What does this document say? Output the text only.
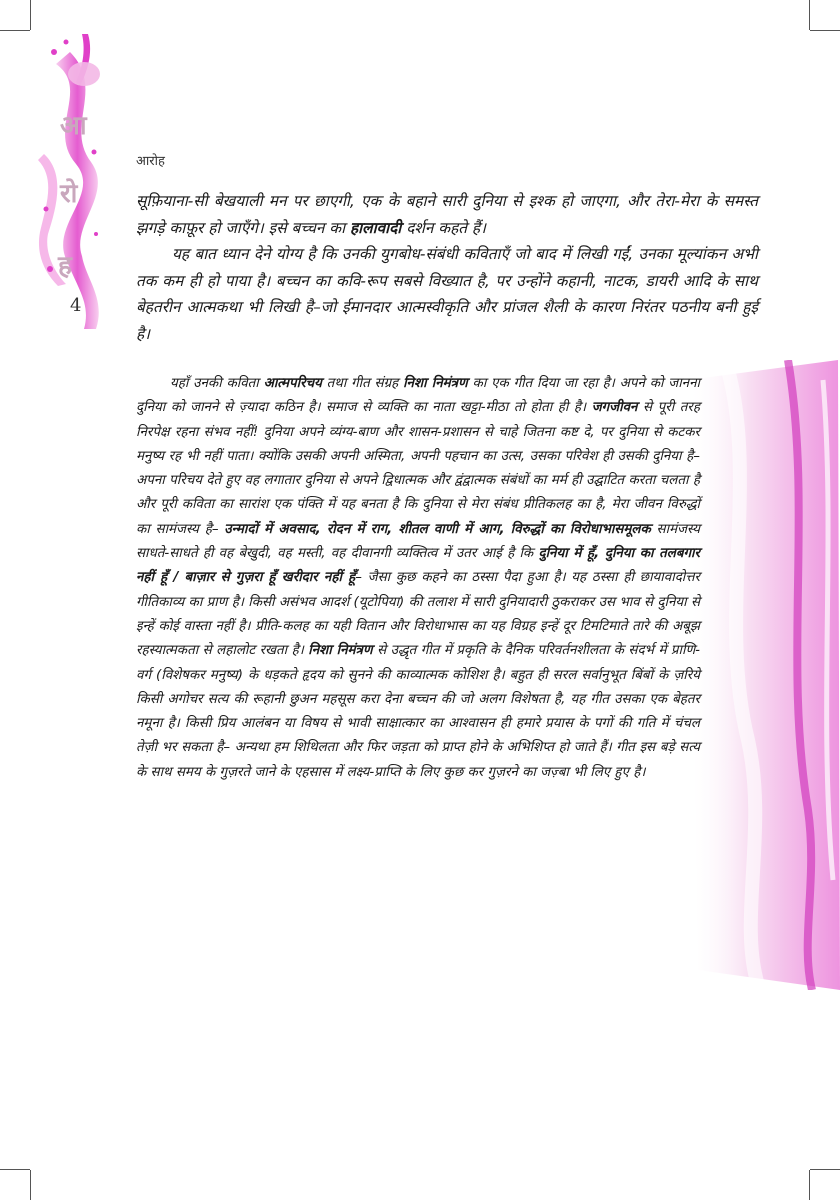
आ
रो
ह
4
आरोह

सूफ़ियाना-सी बेखयाली मन पर छाएगी, एक के बहाने सारी दुनिया से इश्क हो जाएगा, और तेरा-मेरा के समस्त झगड़े काफ़ूर हो जाएँगे। इसे बच्चन का हालावादी दर्शन कहते हैं।

यह बात ध्यान देने योग्य है कि उनकी युगबोध-संबंधी कविताएँ जो बाद में लिखी गईं, उनका मूल्यांकन अभी तक कम ही हो पाया है। बच्चन का कवि-रूप सबसे विख्यात है, पर उन्होंने कहानी, नाटक, डायरी आदि के साथ बेहतरीन आत्मकथा भी लिखी है–जो ईमानदार आत्मस्वीकृति और प्रांजल शैली के कारण निरंतर पठनीय बनी हुई है।

यहाँ उनकी कविता आत्मपरिचय तथा गीत संग्रह निशा निमंत्रण का एक गीत दिया जा रहा है। अपने को जानना दुनिया को जानने से ज़्यादा कठिन है। समाज से व्यक्ति का नाता खट्टा-मीठा तो होता ही है। जगजीवन से पूरी तरह निरपेक्ष रहना संभव नहीं! दुनिया अपने व्यंग्य-बाण और शासन-प्रशासन से चाहे जितना कष्ट दे, पर दुनिया से कटकर मनुष्य रह भी नहीं पाता। क्योंकि उसकी अपनी अस्मिता, अपनी पहचान का उत्स, उसका परिवेश ही उसकी दुनिया है– अपना परिचय देते हुए वह लगातार दुनिया से अपने द्विधात्मक और द्वंद्वात्मक संबंधों का मर्म ही उद्घाटित करता चलता है और पूरी कविता का सारांश एक पंक्ति में यह बनता है कि दुनिया से मेरा संबंध प्रीतिकलह का है, मेरा जीवन विरुद्धों का सामंजस्य है– उन्मादों में अवसाद, रोदन में राग, शीतल वाणी में आग, विरुद्धों का विरोधाभासमूलक सामंजस्य साधते-साधते ही वह बेखुदी, वह मस्ती, वह दीवानगी व्यक्तित्व में उतर आई है कि दुनिया में हूँ, दुनिया का तलबगार नहीं हूँ / बाज़ार से गुज़रा हूँ खरीदार नहीं हूँ– जैसा कुछ कहने का ठस्सा पैदा हुआ है। यह ठस्सा ही छायावादोत्तर गीतिकाव्य का प्राण है। किसी असंभव आदर्श (यूटोपिया) की तलाश में सारी दुनियादारी ठुकराकर उस भाव से दुनिया से इन्हें कोई वास्ता नहीं है। प्रीति-कलह का यही वितान और विरोधाभास का यह विग्रह इन्हें दूर टिमटिमाते तारे की अबूझ रहस्यात्मकता से लहालोट रखता है। निशा निमंत्रण से उद्धृत गीत में प्रकृति के दैनिक परिवर्तनशीलता के संदर्भ में प्राणि-वर्ग (विशेषकर मनुष्य) के धड़कते हृदय को सुनने की काव्यात्मक कोशिश है। बहुत ही सरल सर्वानुभूत बिंबों के ज़रिये किसी अगोचर सत्य की रूहानी छुअन महसूस करा देना बच्चन की जो अलग विशेषता है, यह गीत उसका एक बेहतर नमूना है। किसी प्रिय आलंबन या विषय से भावी साक्षात्कार का आश्वासन ही हमारे प्रयास के पगों की गति में चंचल तेज़ी भर सकता है– अन्यथा हम शिथिलता और फिर जड़ता को प्राप्त होने के अभिशिप्त हो जाते हैं। गीत इस बड़े सत्य के साथ समय के गुज़रते जाने के एहसास में लक्ष्य-प्राप्ति के लिए कुछ कर गुज़रने का जज़्बा भी लिए हुए है।
